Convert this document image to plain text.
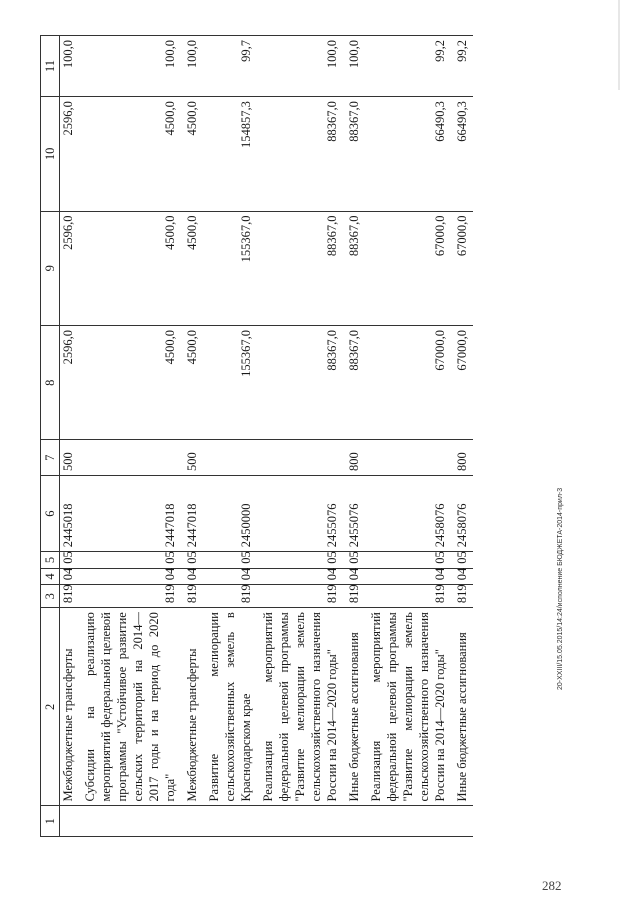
1	2	3	4	5	6	7	8	9	10	11
	Межбюджетные трансферты	819	04	05	2445018	500	2596,0	2596,0	2596,0	100,0
	Субсидии на реализацию мероприятий федеральной целевой программы "Устойчивое развитие сельских территорий на 2014—2017 годы и на период до 2020 года"	819	04	05	2447018		4500,0	4500,0	4500,0	100,0
	Межбюджетные трансферты	819	04	05	2447018	500	4500,0	4500,0	4500,0	100,0
	Развитие мелиорации сельскохозяйственных земель в Краснодарском крае	819	04	05	2450000		155367,0	155367,0	154857,3	99,7
	Реализация мероприятий федеральной целевой программы "Развитие мелиорации земель сельскохозяйственного назначения России на 2014—2020 годы"	819	04	05	2455076		88367,0	88367,0	88367,0	100,0
	Иные бюджетные ассигнования	819	04	05	2455076	800	88367,0	88367,0	88367,0	100,0
	Реализация мероприятий федеральной целевой программы "Развитие мелиорации земель сельскохозяйственного назначения России на 2014—2020 годы"	819	04	05	2458076		67000,0	67000,0	66490,3	99,2
	Иные бюджетные ассигнования	819	04	05	2458076	800	67000,0	67000,0	66490,3	99,2
20-XXIII/15.05.2015/14:24/исполнение БЮДЖЕТА-2014-прил-3
282
